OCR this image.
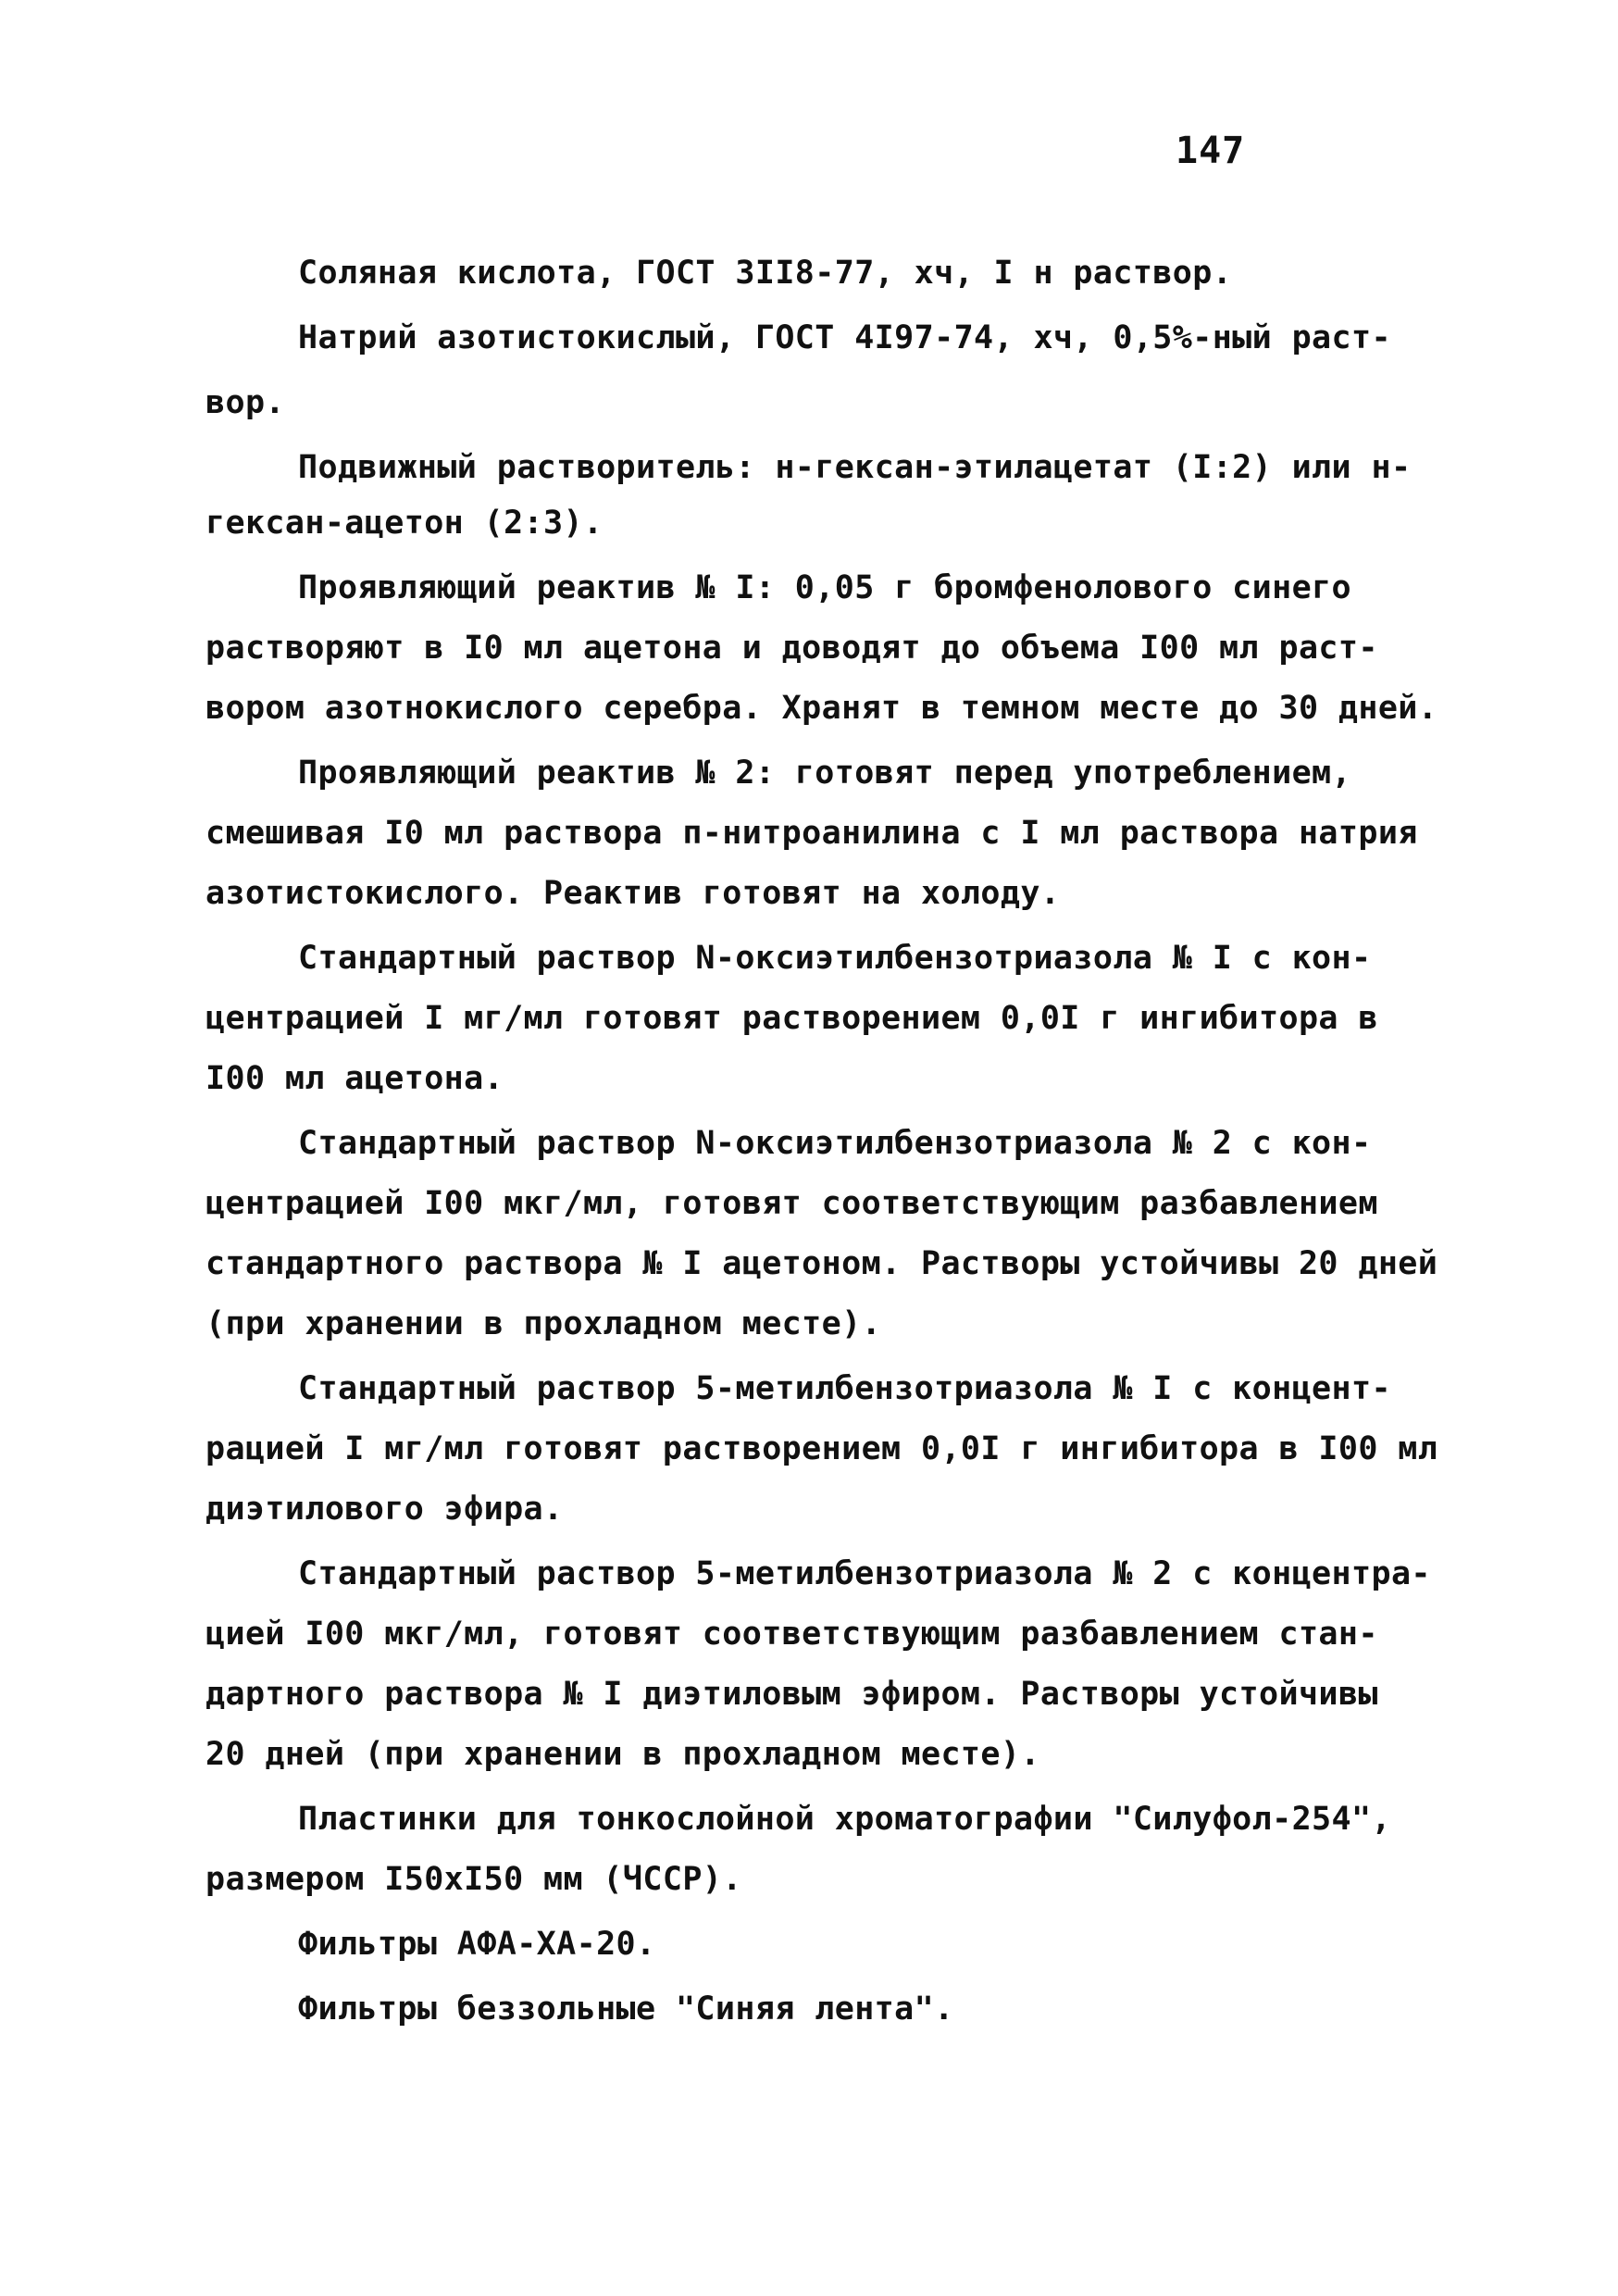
147
Соляная кислота, ГОСТ 3II8-77, хч, I н раствор.
Натрий азотистокислый, ГОСТ 4I97-74, хч, 0,5%-ный раст-
вор.
Подвижный растворитель: н-гексан-этилацетат (I:2) или н-
гексан-ацетон (2:3).
Проявляющий реактив № I: 0,05 г бромфенолового синего
растворяют в I0 мл ацетона и доводят до объема I00 мл раст-
вором азотнокислого серебра. Хранят в темном месте до 30 дней.
Проявляющий реактив № 2: готовят перед употреблением,
смешивая I0 мл раствора п-нитроанилина с I мл раствора натрия
азотистокислого. Реактив готовят на холоду.
Стандартный раствор N-оксиэтилбензотриазола № I с кон-
центрацией I мг/мл готовят растворением 0,0I г ингибитора в
I00 мл ацетона.
Стандартный раствор N-оксиэтилбензотриазола № 2 с кон-
центрацией I00 мкг/мл, готовят соответствующим разбавлением
стандартного раствора № I ацетоном. Растворы устойчивы 20 дней
(при хранении в прохладном месте).
Стандартный раствор 5-метилбензотриазола № I с концент-
рацией I мг/мл готовят растворением 0,0I г ингибитора в I00 мл
диэтилового эфира.
Стандартный раствор 5-метилбензотриазола № 2 с концентра-
цией I00 мкг/мл, готовят соответствующим разбавлением стан-
дартного раствора № I диэтиловым эфиром. Растворы устойчивы
20 дней (при хранении в прохладном месте).
Пластинки для тонкослойной хроматографии "Силуфол-254",
размером I50хI50 мм (ЧССР).
Фильтры АФА-ХА-20.
Фильтры беззольные "Синяя лента".
